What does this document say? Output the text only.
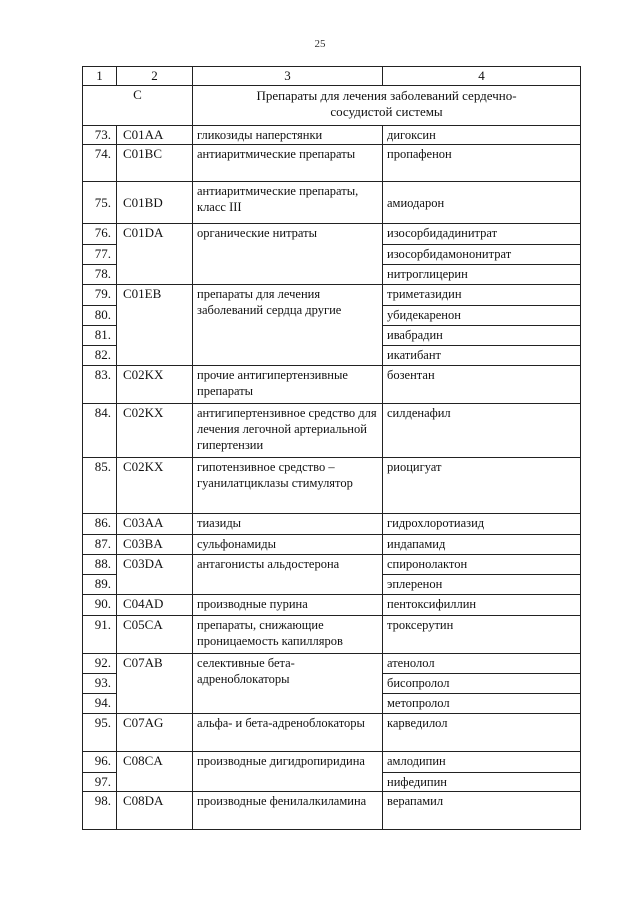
25
1	2	3	4
C		Препараты для лечения заболеваний сердечно-сосудистой системы	
73.	C01AA	гликозиды наперстянки	дигоксин
74.	C01BC	антиаритмические препараты	пропафенон
75.	C01BD	антиаритмические препараты, класс III	амиодарон
76.	C01DA	органические нитраты	изосорбидадинитрат
77.			изосорбидамононитрат
78.			нитроглицерин
79.	C01EB	препараты для лечения заболеваний сердца другие	триметазидин
80.			убидекаренон
81.			ивабрадин
82.			икатибант
83.	C02KX	прочие антигипертензивные препараты	бозентан
84.	C02KX	антигипертензивное средство для лечения легочной артериальной гипертензии	силденафил
85.	C02KX	гипотензивное средство – гуанилатциклазы стимулятор	риоцигуат
86.	C03AA	тиазиды	гидрохлоротиазид
87.	C03BA	сульфонамиды	индапамид
88.	C03DA	антагонисты альдостерона	спиронолактон
89.			эплеренон
90.	C04AD	производные пурина	пентоксифиллин
91.	C05CA	препараты, снижающие проницаемость капилляров	троксерутин
92.	C07AB	селективные бета-адреноблокаторы	атенолол
93.			бисопролол
94.			метопролол
95.	C07AG	альфа- и бета-адреноблокаторы	карведилол
96.	C08CA	производные дигидропиридина	амлодипин
97.			нифедипин
98.	C08DA	производные фенилалкиламина	верапамил
